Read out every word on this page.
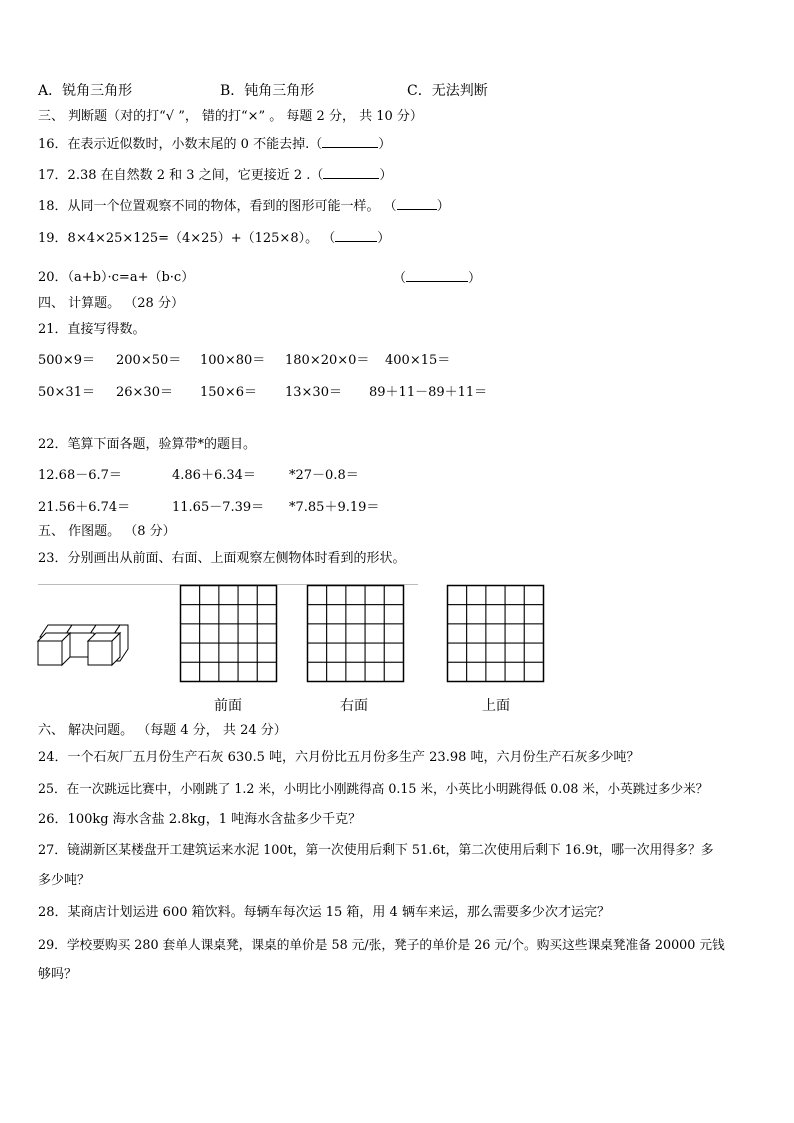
A．锐角三角形	B．钝角三角形	C．无法判断
三、 判断题（对的打“√ ”， 错的打“×” 。 每题 2 分， 共 10 分）
16．在表示近似数时，小数末尾的 0 不能去掉.（	）
17．2.38 在自然数 2 和 3 之间，它更接近 2 .（	）
18．从同一个位置观察不同的物体，看到的图形可能一样。 （	）
19．8×4×25×125=（4×25）+（125×8）。 （	）
20．（a+b）·c=a+（b·c）	（	）
四、 计算题。 （28 分）
21．直接写得数。
500×9＝ 200×50＝ 100×80＝ 180×20×0＝ 400×15＝
50×31＝ 26×30＝ 150×6＝ 13×30＝ 89＋11－89＋11＝
22．笔算下面各题，验算带*的题目。
12.68－6.7＝	4.86＋6.34＝	*27－0.8＝
21.56＋6.74＝	11.65－7.39＝ *7.85＋9.19＝
五、 作图题。 （8 分）
23．分别画出从前面、右面、上面观察左侧物体时看到的形状。
前面	右面	上面
六、 解决问题。 （每题 4 分， 共 24 分）
24．一个石灰厂五月份生产石灰 630.5 吨，六月份比五月份多生产 23.98 吨，六月份生产石灰多少吨？
25．在一次跳远比赛中，小刚跳了 1.2 米，小明比小刚跳得高 0.15 米，小英比小明跳得低 0.08 米，小英跳过多少米？
26．100kg 海水含盐 2.8kg，1 吨海水含盐多少千克？
27．镜湖新区某楼盘开工建筑运来水泥 100t，第一次使用后剩下 51.6t，第二次使用后剩下 16.9t，哪一次用得多？多
多少吨？
28．某商店计划运进 600 箱饮料。每辆车每次运 15 箱，用 4 辆车来运，那么需要多少次才运完？
29．学校要购买 280 套单人课桌凳，课桌的单价是 58 元/张，凳子的单价是 26 元/个。购买这些课桌凳准备 20000 元钱
够吗？
